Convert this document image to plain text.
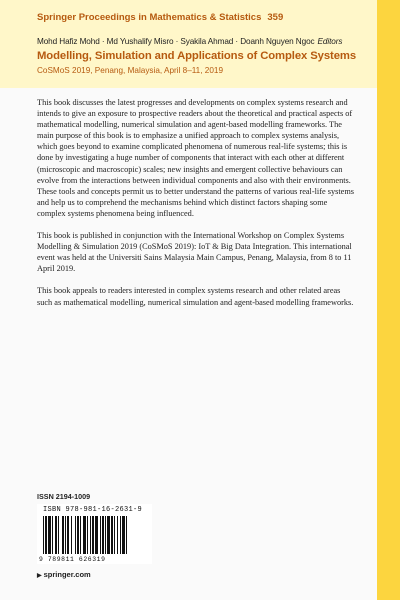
Springer Proceedings in Mathematics & Statistics 359
Mohd Hafiz Mohd · Md Yushalify Misro · Syakila Ahmad · Doanh Nguyen Ngoc Editors
Modelling, Simulation and Applications of Complex Systems
CoSMoS 2019, Penang, Malaysia, April 8–11, 2019

This book discusses the latest progresses and developments on complex systems research and intends to give an exposure to prospective readers about the theoretical and practical aspects of mathematical modelling, numerical simulation and agent-based modelling frameworks. The main purpose of this book is to emphasize a unified approach to complex systems analysis, which goes beyond to examine complicated phenomena of numerous real-life systems; this is done by investigating a huge number of components that interact with each other at different (microscopic and macroscopic) scales; new insights and emergent collective behaviours can evolve from the interactions between individual components and also with their environments. These tools and concepts permit us to better understand the patterns of various real-life systems and help us to comprehend the mechanisms behind which distinct factors shaping some complex systems phenomena being influenced.

This book is published in conjunction with the International Workshop on Complex Systems Modelling & Simulation 2019 (CoSMoS 2019): IoT & Big Data Integration. This international event was held at the Universiti Sains Malaysia Main Campus, Penang, Malaysia, from 8 to 11 April 2019.

This book appeals to readers interested in complex systems research and other related areas such as mathematical modelling, numerical simulation and agent-based modelling frameworks.

ISSN 2194-1009
ISBN 978-981-16-2631-9
9 789811 626319
▶ springer.com
